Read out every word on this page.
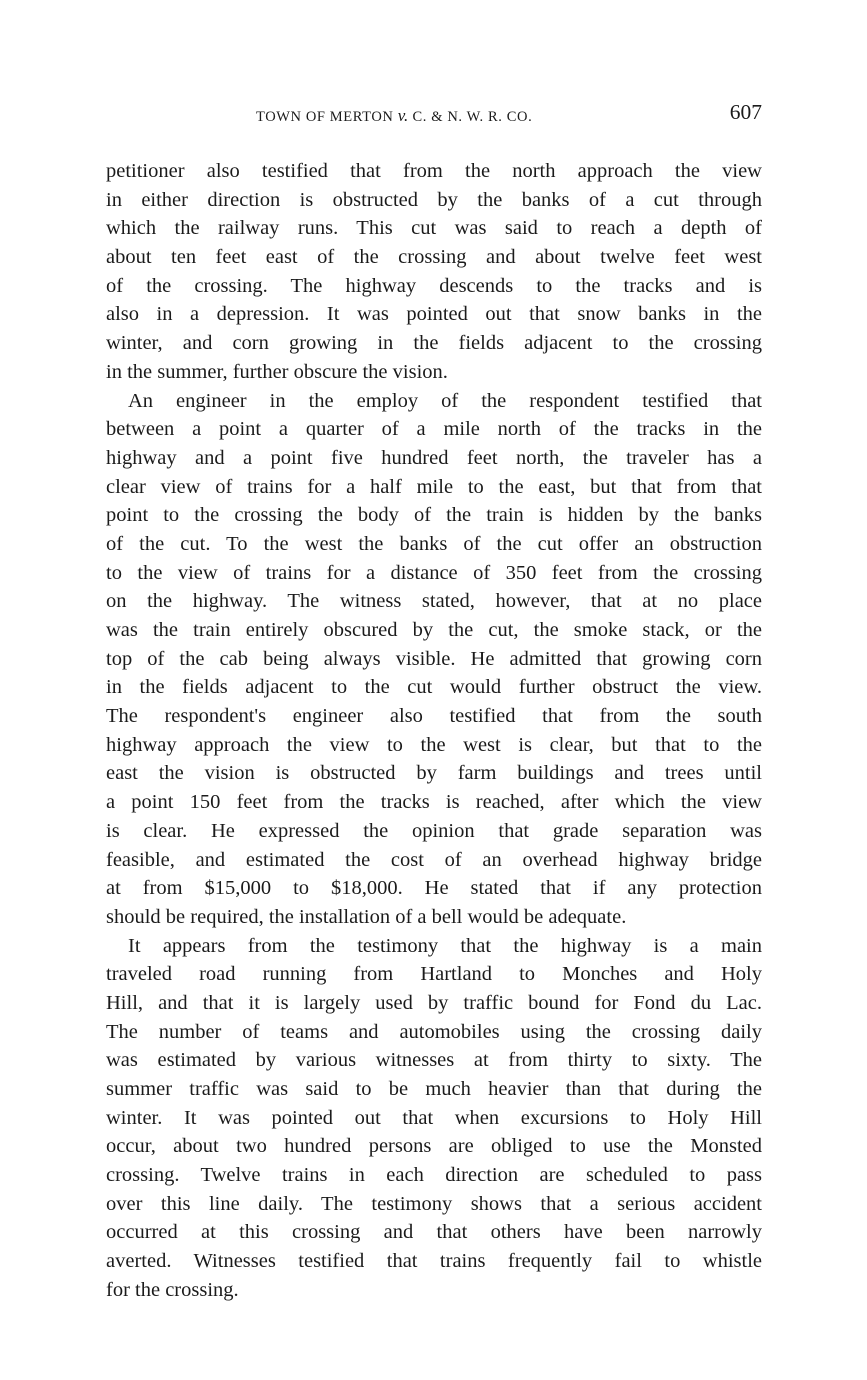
TOWN OF MERTON v. C. & N. W. R. CO.	607
petitioner also testified that from the north approach the view
in either direction is obstructed by the banks of a cut through
which the railway runs. This cut was said to reach a depth of
about ten feet east of the crossing and about twelve feet west
of the crossing. The highway descends to the tracks and is
also in a depression. It was pointed out that snow banks in the
winter, and corn growing in the fields adjacent to the crossing
in the summer, further obscure the vision.
An engineer in the employ of the respondent testified that
between a point a quarter of a mile north of the tracks in the
highway and a point five hundred feet north, the traveler has a
clear view of trains for a half mile to the east, but that from that
point to the crossing the body of the train is hidden by the banks
of the cut. To the west the banks of the cut offer an obstruction
to the view of trains for a distance of 350 feet from the crossing
on the highway. The witness stated, however, that at no place
was the train entirely obscured by the cut, the smoke stack, or the
top of the cab being always visible. He admitted that growing corn
in the fields adjacent to the cut would further obstruct the view.
The respondent's engineer also testified that from the south
highway approach the view to the west is clear, but that to the
east the vision is obstructed by farm buildings and trees until
a point 150 feet from the tracks is reached, after which the view
is clear. He expressed the opinion that grade separation was
feasible, and estimated the cost of an overhead highway bridge
at from $15,000 to $18,000. He stated that if any protection
should be required, the installation of a bell would be adequate.
It appears from the testimony that the highway is a main
traveled road running from Hartland to Monches and Holy
Hill, and that it is largely used by traffic bound for Fond du Lac.
The number of teams and automobiles using the crossing daily
was estimated by various witnesses at from thirty to sixty. The
summer traffic was said to be much heavier than that during the
winter. It was pointed out that when excursions to Holy Hill
occur, about two hundred persons are obliged to use the Monsted
crossing. Twelve trains in each direction are scheduled to pass
over this line daily. The testimony shows that a serious accident
occurred at this crossing and that others have been narrowly
averted. Witnesses testified that trains frequently fail to whistle
for the crossing.
